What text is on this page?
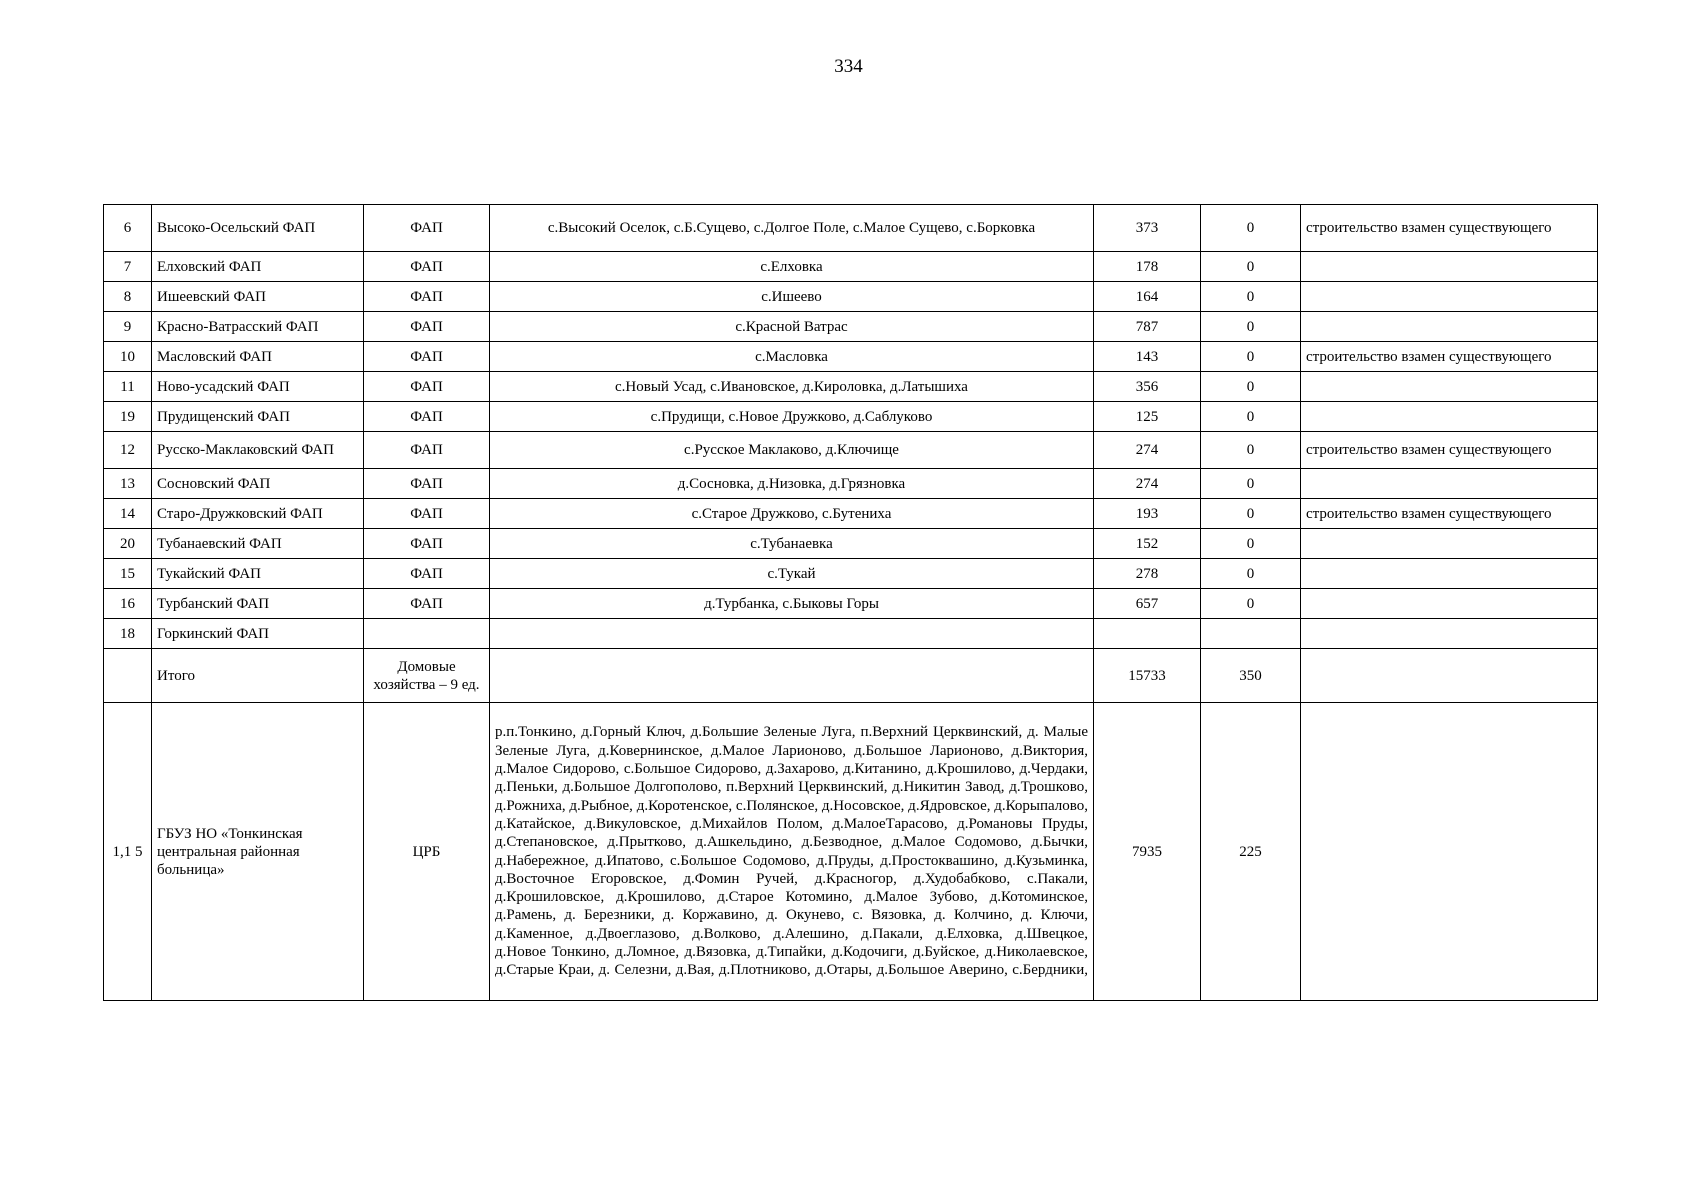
334
6	Высоко-Осельский ФАП	ФАП	с.Высокий Оселок, с.Б.Сущево, с.Долгое Поле, с.Малое Сущево, с.Борковка	373	0	строительство взамен существующего
7	Елховский ФАП	ФАП	с.Елховка	178	0	
8	Ишеевский ФАП	ФАП	с.Ишеево	164	0	
9	Красно-Ватрасский ФАП	ФАП	с.Красной Ватрас	787	0	
10	Масловский ФАП	ФАП	с.Масловка	143	0	строительство взамен существующего
11	Ново-усадский ФАП	ФАП	с.Новый Усад, с.Ивановское, д.Киp​оловка, д.Латышиха	356	0	
19	Прудищенский ФАП	ФАП	с.Прудищи, с.Новое Дружково, д.Саблуково	125	0	
12	Русско-Маклаковский ФАП	ФАП	с.Русское Маклаково, д.Ключище	274	0	строительство взамен существующего
13	Сосновский ФАП	ФАП	д.Сосновка, д.Низовка, д.Грязновка	274	0	
14	Старо-Дружковский ФАП	ФАП	с.Старое Дружково, с.Бутениха	193	0	строительство взамен существующего
20	Тубанаевский ФАП	ФАП	с.Тубанаевка	152	0	
15	Тукайский ФАП	ФАП	с.Тукай	278	0	
16	Турбанский ФАП	ФАП	д.Турбанка, с.Быковы Горы	657	0	
18	Горкинский ФАП					
	Итого	Домовые хозяйства – 9 ед.		15733	350	
1,1 5	ГБУЗ НО «Тонкинская центральная районная больница»	ЦРБ	р.п.Тонкино, д.Горный Ключ, д.Большие Зеленые Луга, п.Верхний Церквинский, д. Малые Зеленые Луга, д.Ковернинское, д.Малое Ларионово, д.Большое Ларионово, д.Виктория, д.Малое Сидорово, с.Большое Сидорово, д.Захарово, д.Китанино, д.Крошилово, д.Чердаки, д.Пеньки, д.Большое Долгополово, п.Верхний Церквинский, д.Никитин Завод, д.Трошково, д.Рожниха, д.Рыбное, д.Коротенское, с.Полянское, д.Носовское, д.Ядровское, д.Корыпалово, д.Катайское, д.Викуловское, д.Михайлов Полом, д.МалоеТарасово, д.Романовы Пруды, д.Степановское, д.Прытково, д.Ашкельдино, д.Безводное, д.Малое Содомово, д.Бычки, д.Набережное, д.Ипатово, с.Большое Содомово, д.Пруды, д.Простоквашино, д.Кузьминка, д.Восточное Егоровское, д.Фомин Ручей, д.Красногор, д.Худобабково, с.Пакали, д.Крошиловское, д.Крошилово, д.Старое Котомино, д.Малое Зубово, д.Котоминское, д.Рамень, д. Березники, д. Коржавино, д. Окунево, с. Вязовка, д. Колчино, д. Ключи, д.Каменное, д.Двоеглазово, д.Волково, д.Алешино, д.Пакали, д.Елховка, д.Швецкое, д.Новое Тонкино, д.Ломное, д.Вязовка, д.Типайки, д.Кодочиги, д.Буйское, д.Николаевское, д.Старые Краи, д. Селезни, д.Вая, д.Плотниково, д.Отары, д.Большое Аверино, с.Бердники,	7935	225	
